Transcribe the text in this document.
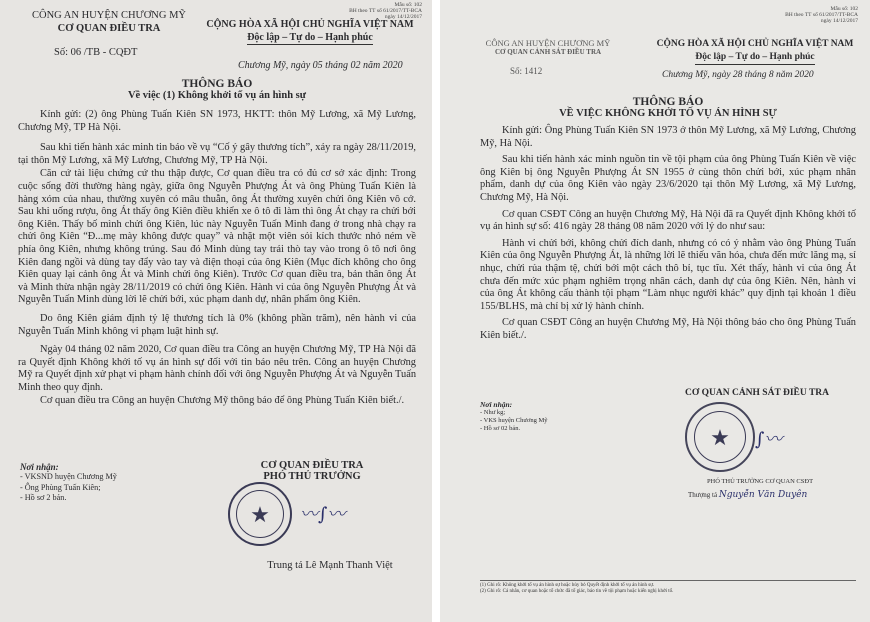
Mẫu số: 102
BH theo TT số 61/2017/TT-BCA
ngày 14/12/2017
CÔNG AN HUYỆN CHƯƠNG MỸ
CƠ QUAN ĐIỀU TRA
Số: 06 /TB - CQĐT
CỘNG HÒA XÃ HỘI CHỦ NGHĨA VIỆT NAM
Độc lập – Tự do – Hạnh phúc
Chương Mỹ, ngày 05 tháng 02 năm 2020
THÔNG BÁO
Về việc (1) Không khởi tố vụ án hình sự

Kính gửi: (2) ông Phùng Tuấn Kiên SN 1973, HKTT: thôn Mỹ Lương, xã Mỹ Lương, Chương Mỹ, TP Hà Nội.

Sau khi tiến hành xác minh tin báo về vụ “Cố ý gây thương tích”, xảy ra ngày 28/11/2019, tại thôn Mỹ Lương, xã Mỹ Lương, Chương Mỹ, TP Hà Nội.

Căn cứ tài liệu chứng cứ thu thập được, Cơ quan điều tra có đủ cơ sở xác định: Trong cuộc sống đời thường hàng ngày, giữa ông Nguyễn Phượng Át và ông Phùng Tuấn Kiên là hàng xóm của nhau, thường xuyên có mâu thuẫn, ông Át thường xuyên chửi ông Kiên vô cớ. Sau khi uống rượu, ông Át thấy ông Kiên điều khiển xe ô tô đi làm thì ông Át chạy ra chửi bới ông Kiên. Thấy bố mình chửi ông Kiên, lúc này Nguyễn Tuấn Minh đang ở trong nhà chạy ra chửi ông Kiên “Đ...mẹ mày không được quay” và nhặt một viên sỏi kích thước nhỏ ném về phía ông Kiên, nhưng không trúng. Sau đó Minh dùng tay trái thò tay vào trong ô tô nơi ông Kiên đang ngồi và dùng tay đẩy vào tay và điện thoại của ông Kiên (Mục đích không cho ông Kiên quay lại cảnh ông Át và Minh chửi ông Kiên). Trước Cơ quan điều tra, bản thân ông Át và Minh thừa nhận ngày 28/11/2019 có chửi ông Kiên. Hành vi của ông Nguyễn Phượng Át và Nguyễn Tuấn Minh dùng lời lẽ chửi bới, xúc phạm danh dự, nhân phẩm ông Kiên.

Do ông Kiên giám định tỷ lệ thương tích là 0% (không phần trăm), nên hành vi của Nguyễn Tuấn Minh không vi phạm luật hình sự.

Ngày 04 tháng 02 năm 2020, Cơ quan điều tra Công an huyện Chương Mỹ, TP Hà Nội đã ra Quyết định Không khởi tố vụ án hình sự đối với tin báo nêu trên. Công an huyện Chương Mỹ ra Quyết định xử phạt vi phạm hành chính đối với ông Nguyễn Phượng Át và Nguyễn Tuấn Minh theo quy định.

Cơ quan điều tra Công an huyện Chương Mỹ thông báo để ông Phùng Tuấn Kiên biết./.

Nơi nhận:
- VKSND huyện Chương Mỹ
- Ông Phùng Tuấn Kiên;
- Hồ sơ 2 bản.
CƠ QUAN ĐIỀU TRA
PHÓ THỦ TRƯỞNG
★	〰∫〰
Trung tá Lê Mạnh Thanh Việt
Mẫu số: 102
BH theo TT số 61/2017/TT-BCA
ngày 14/12/2017
CÔNG AN HUYỆN CHƯƠNG MỸ
CƠ QUAN CẢNH SÁT ĐIỀU TRA
Số: 1412
CỘNG HÒA XÃ HỘI CHỦ NGHĨA VIỆT NAM
Độc lập – Tự do – Hạnh phúc
Chương Mỹ, ngày 28 tháng 8 năm 2020
THÔNG BÁO
VỀ VIỆC KHÔNG KHỞI TỐ VỤ ÁN HÌNH SỰ

Kính gửi: Ông Phùng Tuấn Kiên SN 1973 ở thôn Mỹ Lương, xã Mỹ Lương, Chương Mỹ, Hà Nội.

Sau khi tiến hành xác minh nguồn tin về tội phạm của ông Phùng Tuấn Kiên về việc ông Kiên bị ông Nguyễn Phượng Át SN 1955 ở cùng thôn chửi bới, xúc phạm nhân phẩm, danh dự của ông Kiên vào ngày 23/6/2020 tại thôn Mỹ Lương, xã Mỹ Lương, Chương Mỹ, Hà Nội.

Cơ quan CSĐT Công an huyện Chương Mỹ, Hà Nội đã ra Quyết định Không khởi tố vụ án hình sự số: 416 ngày 28 tháng 08 năm 2020 với lý do như sau:

Hành vi chửi bới, không chửi đích danh, nhưng có có ý nhằm vào ông Phùng Tuấn Kiên của ông Nguyễn Phượng Át, là những lời lẽ thiếu văn hóa, chưa đến mức lăng mạ, sỉ nhục, chửi rủa thậm tệ, chửi bới một cách thô bỉ, tục tĩu. Xét thấy, hành vi của ông Át chưa đến mức xúc phạm nghiêm trọng nhân cách, danh dự của ông Kiên. Nên, hành vi của ông Át không cấu thành tội phạm “Làm nhục người khác” quy định tại khoản 1 điều 155/BLHS, mà chỉ bị xử lý hành chính.

Cơ quan CSĐT Công an huyện Chương Mỹ, Hà Nội thông báo cho ông Phùng Tuấn Kiên biết./.

Nơi nhận:
- Như kg;
- VKS huyện Chương Mỹ
- Hồ sơ 02 bản.
CƠ QUAN CẢNH SÁT ĐIỀU TRA
★	∫〰
PHÓ THỦ TRƯỞNG CƠ QUAN CSĐT
Thượng tá Nguyễn Văn Duyên
(1) Ghi rõ: Không khởi tố vụ án hình sự hoặc hủy bỏ Quyết định khởi tố vụ án hình sự.
(2) Ghi rõ: Cá nhân, cơ quan hoặc tổ chức đã tố giác, báo tin về tội phạm hoặc kiến nghị khởi tố.
